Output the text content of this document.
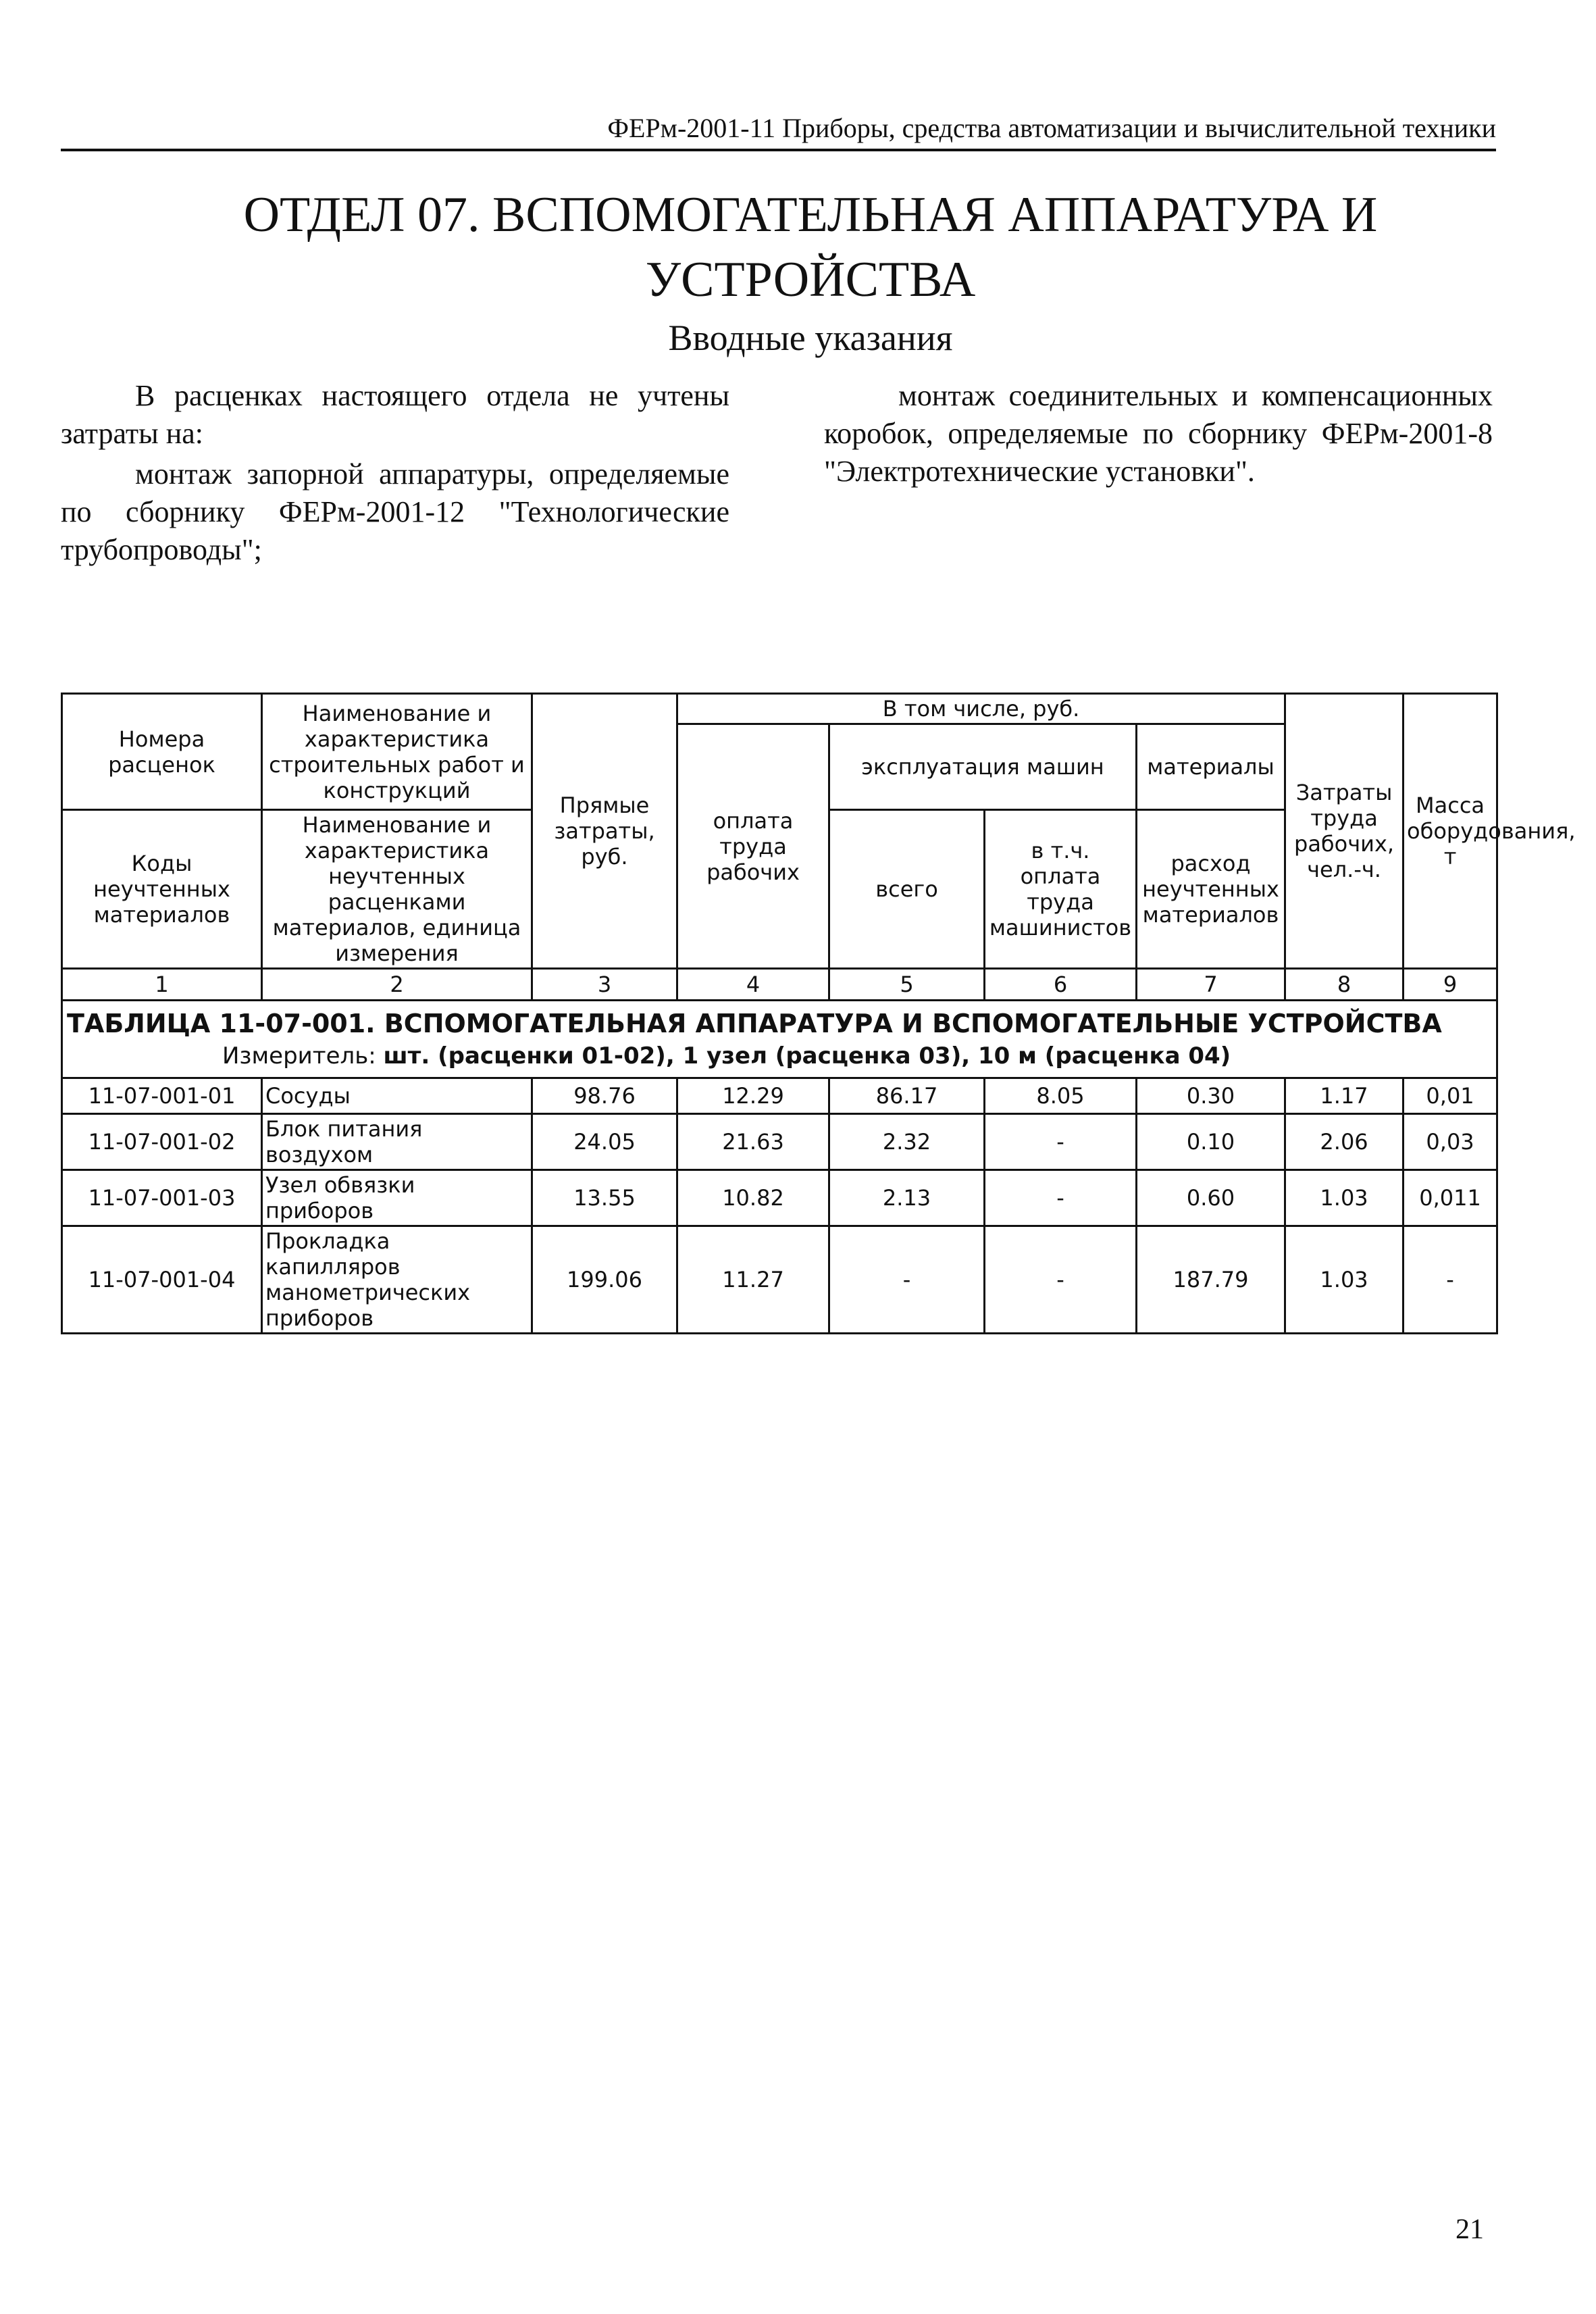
ФЕРм-2001-11 Приборы, средства автоматизации и вычислительной техники
ОТДЕЛ 07. ВСПОМОГАТЕЛЬНАЯ АППАРАТУРА И
УСТРОЙСТВА
Вводные указания

В расценках настоящего отдела не учтены затраты на:

монтаж запорной аппаратуры, определяемые по сборнику ФЕРм-2001-12 "Технологические трубопроводы";

монтаж соединительных и компенсационных коробок, определяемые по сборнику ФЕРм-2001-8 "Электротехнические установки".

Номера расценок	Наименование и характеристика строительных работ и конструкций	Прямые затраты, руб.	В том числе, руб.				Затраты труда рабочих, чел.-ч.	Масса оборудования, т
			оплата труда рабочих	эксплуатация машин		материалы		
Коды неучтенных материалов	Наименование и характеристика неучтенных расценками материалов, единица измерения			всего	в т.ч. оплата труда машинистов	расход неучтенных материалов		
1	2	3	4	5	6	7	8	9

ТАБЛИЦА 11-07-001. ВСПОМОГАТЕЛЬНАЯ АППАРАТУРА И ВСПОМОГАТЕЛЬНЫЕ УСТРОЙСТВА
Измеритель: шт. (расценки 01-02), 1 узел (расценка 03), 10 м (расценка 04)								

11-07-001-01	Сосуды	98.76	12.29	86.17	8.05	0.30	1.17	0,01
11-07-001-02	Блок питания воздухом	24.05	21.63	2.32	-	0.10	2.06	0,03
11-07-001-03	Узел обвязки приборов	13.55	10.82	2.13	-	0.60	1.03	0,011
11-07-001-04	Прокладка капилляров манометрических приборов	199.06	11.27	-	-	187.79	1.03	-
21
